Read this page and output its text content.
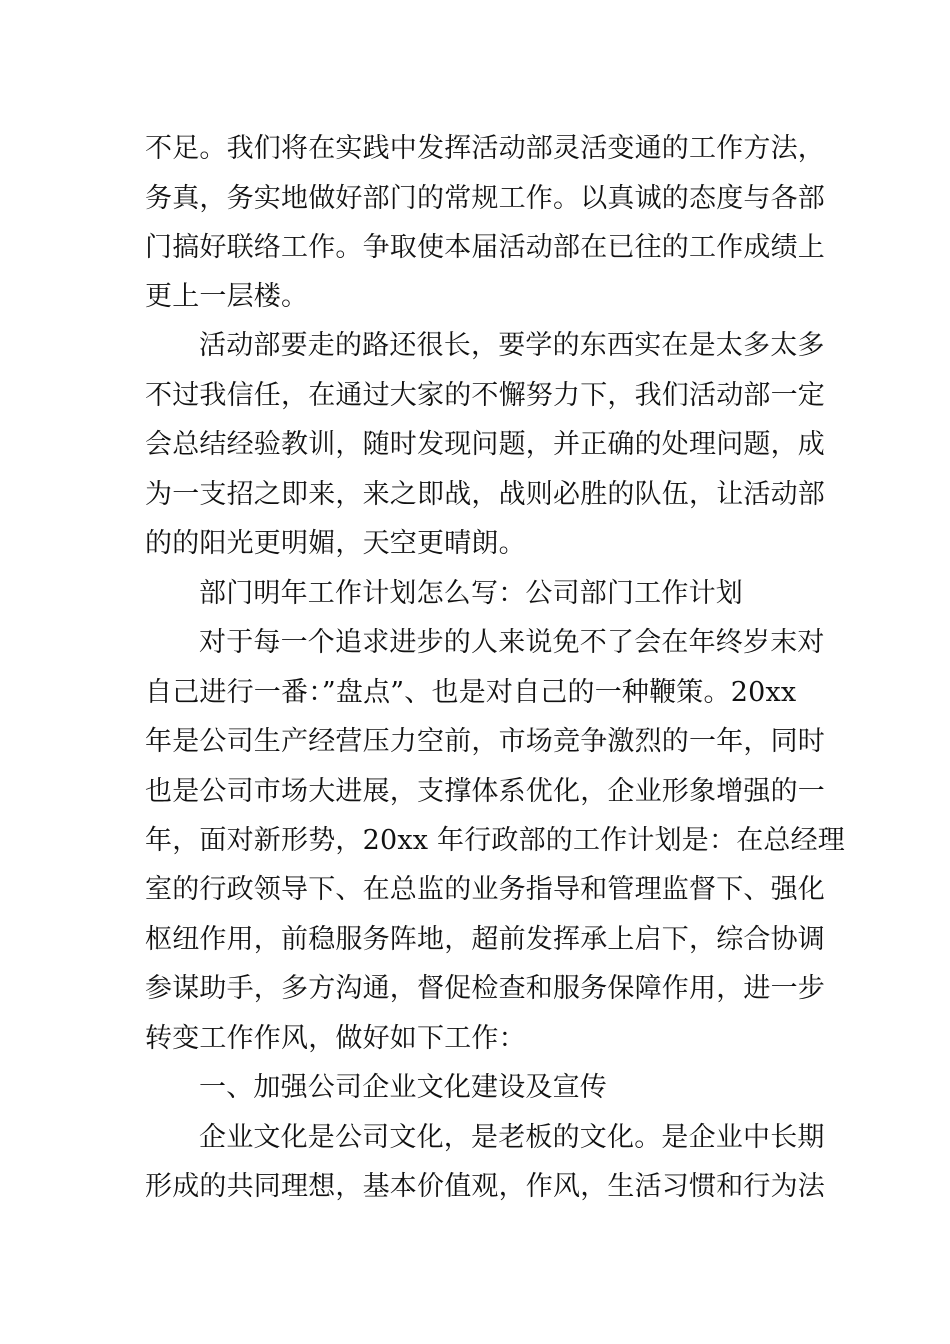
不足。我们将在实践中发挥活动部灵活变通的工作方法，
务真，务实地做好部门的常规工作。以真诚的态度与各部
门搞好联络工作。争取使本届活动部在已往的工作成绩上
更上一层楼。
活动部要走的路还很长，要学的东西实在是太多太多
不过我信任，在通过大家的不懈努力下，我们活动部一定
会总结经验教训，随时发现问题，并正确的处理问题，成
为一支招之即来，来之即战，战则必胜的队伍，让活动部
的的阳光更明媚，天空更晴朗。
部门明年工作计划怎么写：公司部门工作计划
对于每一个追求进步的人来说免不了会在年终岁末对
自己进行一番：”盘点”、也是对自己的一种鞭策。20xx
年是公司生产经营压力空前，市场竞争激烈的一年，同时
也是公司市场大进展，支撑体系优化，企业形象增强的一
年，面对新形势，20xx 年行政部的工作计划是：在总经理
室的行政领导下、在总监的业务指导和管理监督下、强化
枢纽作用，前稳服务阵地，超前发挥承上启下，综合协调
参谋助手，多方沟通，督促检查和服务保障作用，进一步
转变工作作风，做好如下工作：
一、加强公司企业文化建设及宣传
企业文化是公司文化，是老板的文化。是企业中长期
形成的共同理想，基本价值观，作风，生活习惯和行为法
